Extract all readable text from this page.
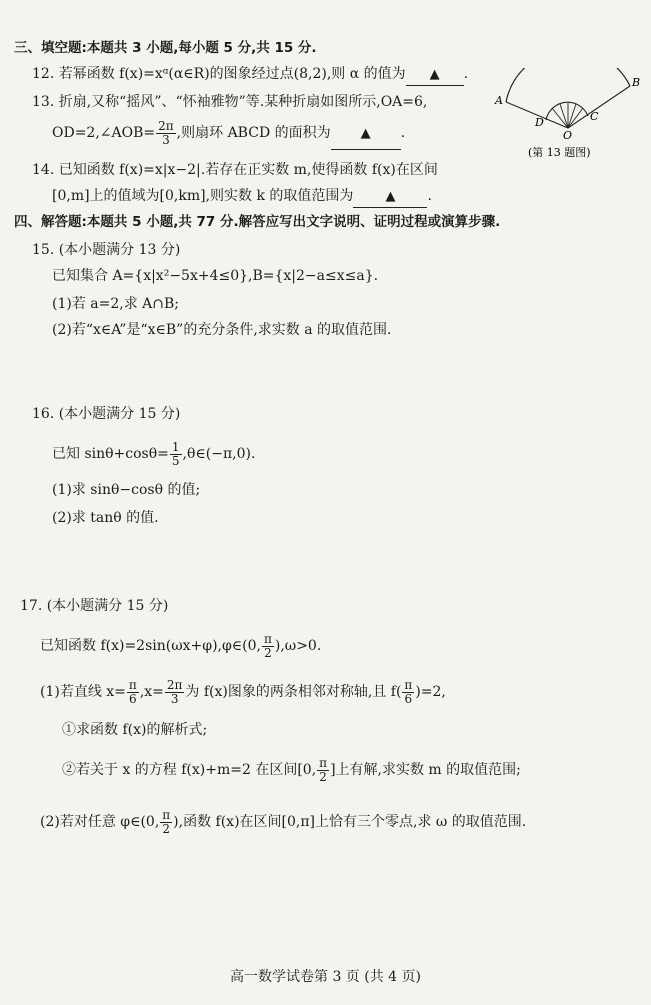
三、填空题:本题共 3 小题,每小题 5 分,共 15 分.
12. 若幂函数 f(x)=xᵅ(α∈R)的图象经过点(8,2),则 α 的值为 ▲ .
13. 折扇,又称“摇风”、“怀袖雅物”等.某种折扇如图所示,OA=6,
OD=2,∠AOB= $\frac{2\pi}{3}$ ,则扇环 ABCD 的面积为 ▲ .
A
B
D	C
O
(第 13 题图)
14. 已知函数 f(x)=x|x−2|.若存在正实数 m,使得函数 f(x)在区间
[0,m]上的值域为[0,km],则实数 k 的取值范围为 ▲ .
四、解答题:本题共 5 小题,共 77 分.解答应写出文字说明、证明过程或演算步骤.
15. (本小题满分 13 分)
已知集合 A={x|x²−5x+4≤0},B={x|2−a≤x≤a}.
(1)若 a=2,求 A∩B;
(2)若“x∈A”是“x∈B”的充分条件,求实数 a 的取值范围.
16. (本小题满分 15 分)
已知 $\sin\theta+\cos\theta= \frac{1}{5}$ ,θ∈(−π,0).
(1)求 sinθ−cosθ 的值;
(2)求 tanθ 的值.
17. (本小题满分 15 分)
已知函数 f(x)=2sin(ωx+φ),φ∈(0, $\frac{\pi}{2} ),\omega>0$.
(1)若直线 $x= \frac{\pi}{6} ,x= \frac{2\pi}{3}$ 为 f(x)图象的两条相邻对称轴,且 $f( \frac{\pi}{6} )=2$,
①求函数 f(x)的解析式;
②若关于 x 的方程 f(x)+m=2 在区间[0, $\frac{\pi}{2}$ ]上有解,求实数 m 的取值范围;
(2)若对任意 φ∈(0, $\frac{\pi}{2}$ ),函数 f(x)在区间[0,π]上恰有三个零点,求 ω 的取值范围.
高一数学试卷第 3 页 (共 4 页)
